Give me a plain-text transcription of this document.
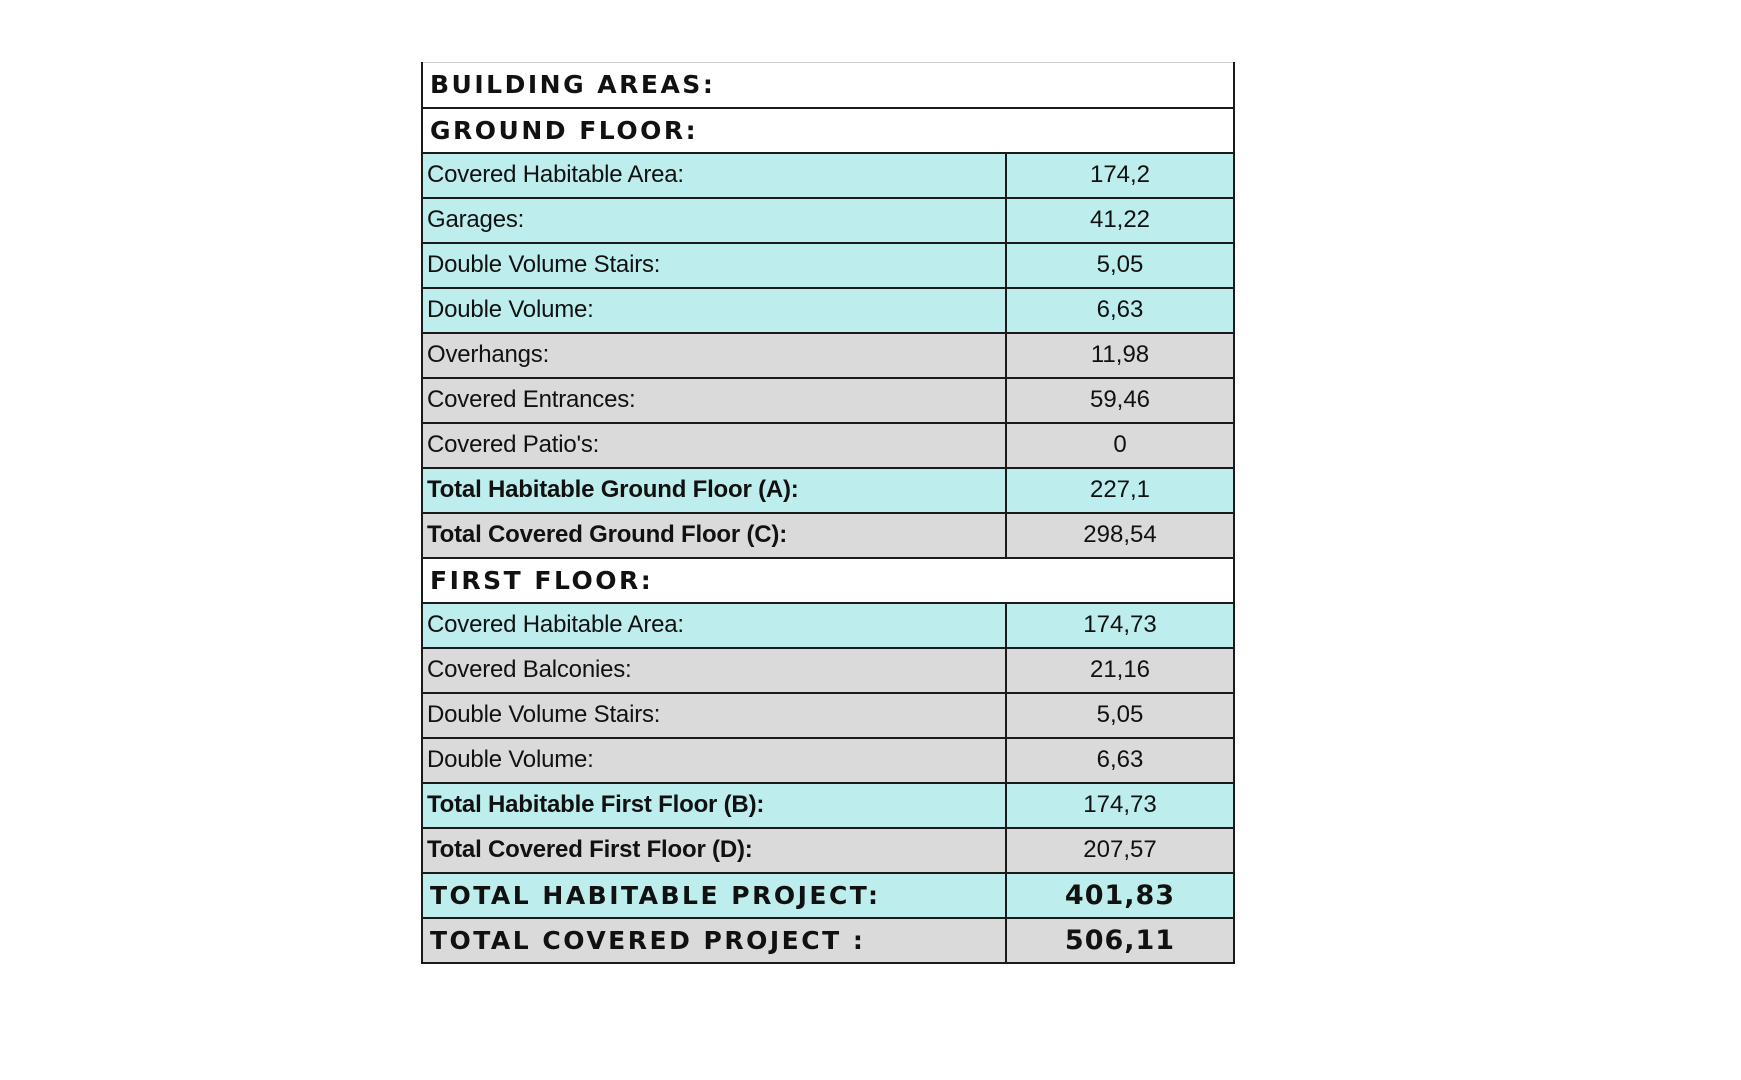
BUILDING AREAS:	
GROUND FLOOR:	
Covered Habitable Area:	174,2
Garages:	41,22
Double Volume Stairs:	5,05
Double Volume:	6,63
Overhangs:	11,98
Covered Entrances:	59,46
Covered Patio's:	0
Total Habitable Ground Floor (A):	227,1
Total Covered Ground Floor (C):	298,54
FIRST FLOOR:	
Covered Habitable Area:	174,73
Covered Balconies:	21,16
Double Volume Stairs:	5,05
Double Volume:	6,63
Total Habitable First Floor (B):	174,73
Total Covered First Floor (D):	207,57
TOTAL HABITABLE PROJECT:	401,83
TOTAL COVERED PROJECT :	506,11
